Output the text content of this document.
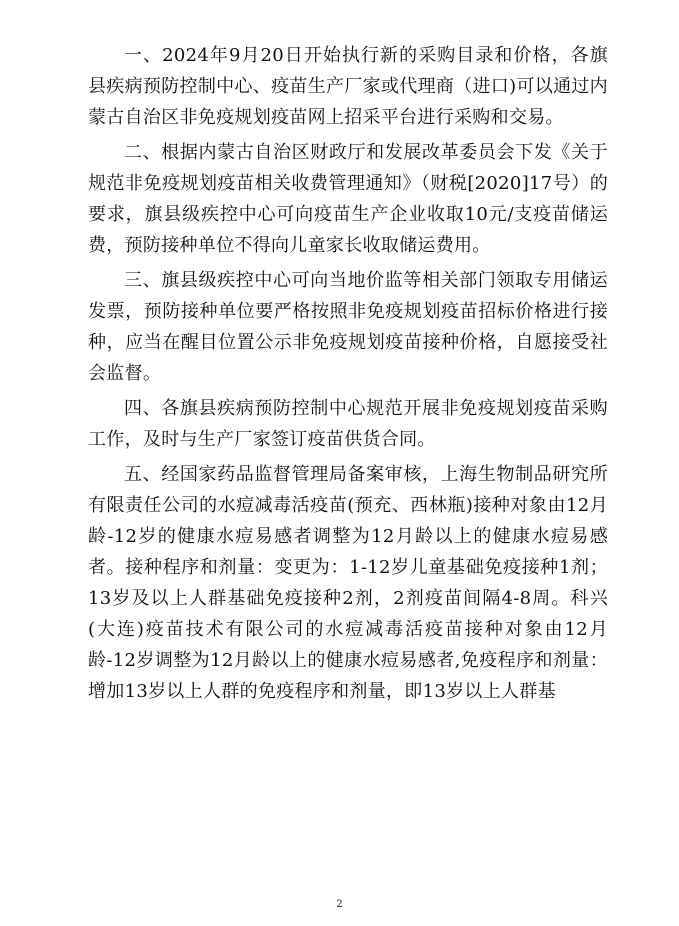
一、2024年9月20日开始执行新的采购目录和价格，各旗县疾病预防控制中心、疫苗生产厂家或代理商（进口)可以通过内蒙古自治区非免疫规划疫苗网上招采平台进行采购和交易。

二、根据内蒙古自治区财政厅和发展改革委员会下发《关于规范非免疫规划疫苗相关收费管理通知》（财税[2020]17号）的要求，旗县级疾控中心可向疫苗生产企业收取10元/支疫苗储运费，预防接种单位不得向儿童家长收取储运费用。

三、旗县级疾控中心可向当地价监等相关部门领取专用储运发票，预防接种单位要严格按照非免疫规划疫苗招标价格进行接种，应当在醒目位置公示非免疫规划疫苗接种价格，自愿接受社会监督。

四、各旗县疾病预防控制中心规范开展非免疫规划疫苗采购工作，及时与生产厂家签订疫苗供货合同。

五、经国家药品监督管理局备案审核，上海生物制品研究所有限责任公司的水痘减毒活疫苗(预充、西林瓶)接种对象由12月龄-12岁的健康水痘易感者调整为12月龄以上的健康水痘易感者。接种程序和剂量：变更为：1-12岁儿童基础免疫接种1剂；13岁及以上人群基础免疫接种2剂，2剂疫苗间隔4-8周。科兴(大连)疫苗技术有限公司的水痘减毒活疫苗接种对象由12月龄-12岁调整为12月龄以上的健康水痘易感者,免疫程序和剂量：增加13岁以上人群的免疫程序和剂量，即13岁以上人群基

2
